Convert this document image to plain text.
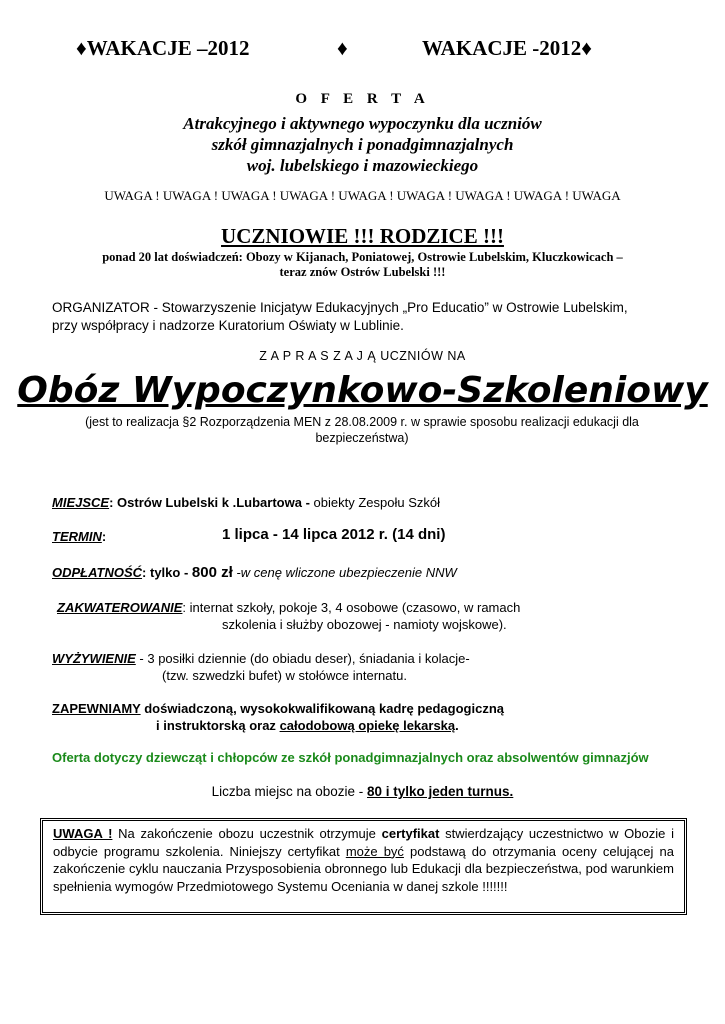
♦WAKACJE –2012	♦	WAKACJE -2012♦
O F E R T A
Atrakcyjnego i aktywnego wypoczynku dla uczniów
szkół gimnazjalnych i ponadgimnazjalnych
woj. lubelskiego i mazowieckiego
UWAGA ! UWAGA ! UWAGA ! UWAGA ! UWAGA ! UWAGA ! UWAGA ! UWAGA ! UWAGA
UCZNIOWIE !!! RODZICE !!!
ponad 20 lat doświadczeń: Obozy w Kijanach, Poniatowej, Ostrowie Lubelskim, Kluczkowicach –
teraz znów Ostrów Lubelski !!!
ORGANIZATOR - Stowarzyszenie Inicjatyw Edukacyjnych „Pro Educatio” w Ostrowie Lubelskim, przy współpracy i nadzorze Kuratorium Oświaty w Lublinie.
Z A P R A S Z A J Ą UCZNIÓW NA
Obóz Wypoczynkowo-Szkoleniowy
(jest to realizacja §2 Rozporządzenia MEN z 28.08.2009 r. w sprawie sposobu realizacji edukacji dla bezpieczeństwa)
MIEJSCE: Ostrów Lubelski k .Lubartowa - obiekty Zespołu Szkół
TERMIN:	1 lipca - 14 lipca 2012 r. (14 dni)
ODPŁATNOŚĆ: tylko - 800 zł -w cenę wliczone ubezpieczenie NNW
ZAKWATEROWANIE: internat szkoły, pokoje 3, 4 osobowe (czasowo, w ramach
szkolenia i służby obozowej - namioty wojskowe).
WYŻYWIENIE - 3 posiłki dziennie (do obiadu deser), śniadania i kolacje-
(tzw. szwedzki bufet) w stołówce internatu.
ZAPEWNIAMY doświadczoną, wysokokwalifikowaną kadrę pedagogiczną
i instruktorską oraz całodobową opiekę lekarską.
Oferta dotyczy dziewcząt i chłopców ze szkół ponadgimnazjalnych oraz absolwentów gimnazjów
Liczba miejsc na obozie - 80 i tylko jeden turnus.
UWAGA ! Na zakończenie obozu uczestnik otrzymuje certyfikat stwierdzający uczestnictwo w Obozie i odbycie programu szkolenia. Niniejszy certyfikat może być podstawą do otrzymania oceny celującej na zakończenie cyklu nauczania Przysposobienia obronnego lub Edukacji dla bezpieczeństwa, pod warunkiem spełnienia wymogów Przedmiotowego Systemu Oceniania w danej szkole !!!!!!!
